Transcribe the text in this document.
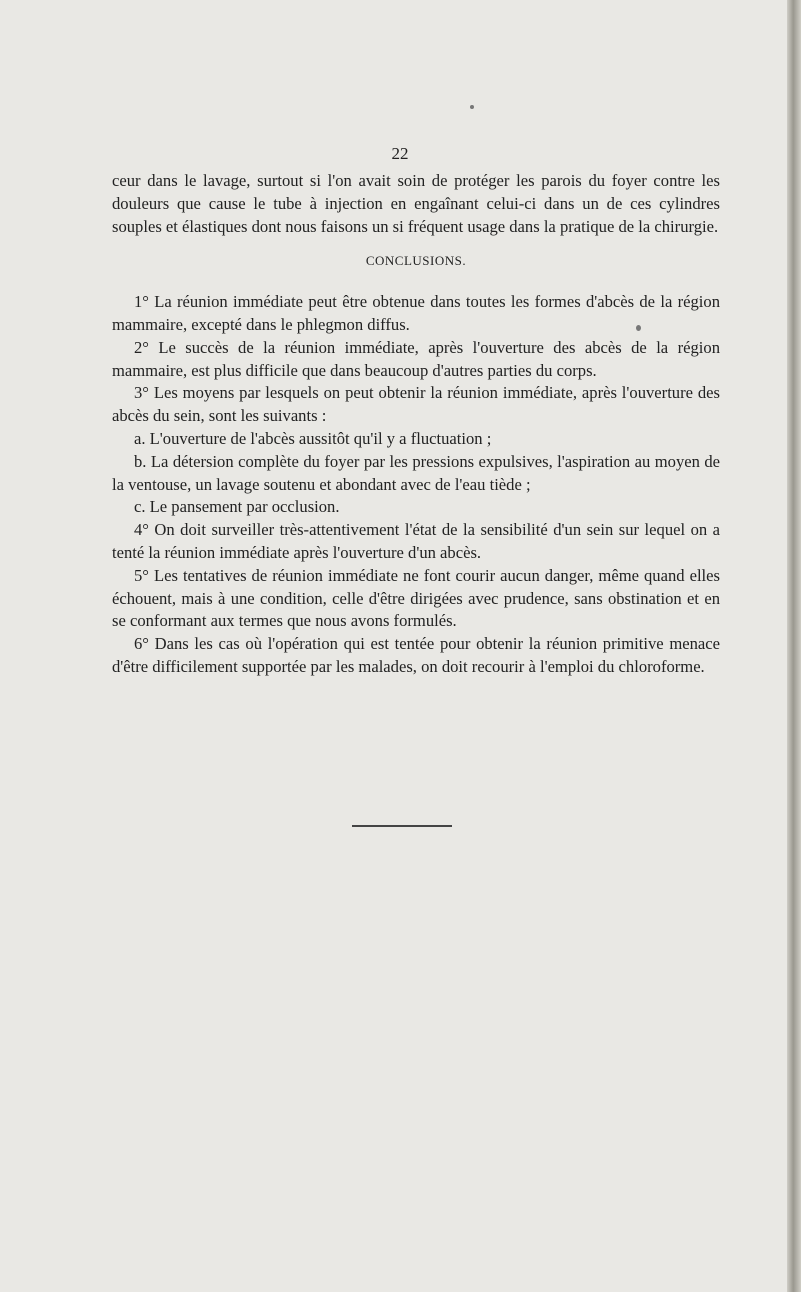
22

ceur dans le lavage, surtout si l'on avait soin de protéger les parois du foyer contre les douleurs que cause le tube à injection en engaînant celui-ci dans un de ces cylindres souples et élastiques dont nous faisons un si fréquent usage dans la pratique de la chirurgie.

CONCLUSIONS.

1° La réunion immédiate peut être obtenue dans toutes les formes d'abcès de la région mammaire, excepté dans le phlegmon diffus.

2° Le succès de la réunion immédiate, après l'ouverture des abcès de la région mammaire, est plus difficile que dans beaucoup d'autres parties du corps.

3° Les moyens par lesquels on peut obtenir la réunion immédiate, après l'ouverture des abcès du sein, sont les suivants :

a. L'ouverture de l'abcès aussitôt qu'il y a fluctuation ;

b. La détersion complète du foyer par les pressions expulsives, l'aspiration au moyen de la ventouse, un lavage soutenu et abondant avec de l'eau tiède ;

c. Le pansement par occlusion.

4° On doit surveiller très-attentivement l'état de la sensibilité d'un sein sur lequel on a tenté la réunion immédiate après l'ouverture d'un abcès.

5° Les tentatives de réunion immédiate ne font courir aucun danger, même quand elles échouent, mais à une condition, celle d'être dirigées avec prudence, sans obstination et en se conformant aux termes que nous avons formulés.

6° Dans les cas où l'opération qui est tentée pour obtenir la réunion primitive menace d'être difficilement supportée par les malades, on doit recourir à l'emploi du chloroforme.
